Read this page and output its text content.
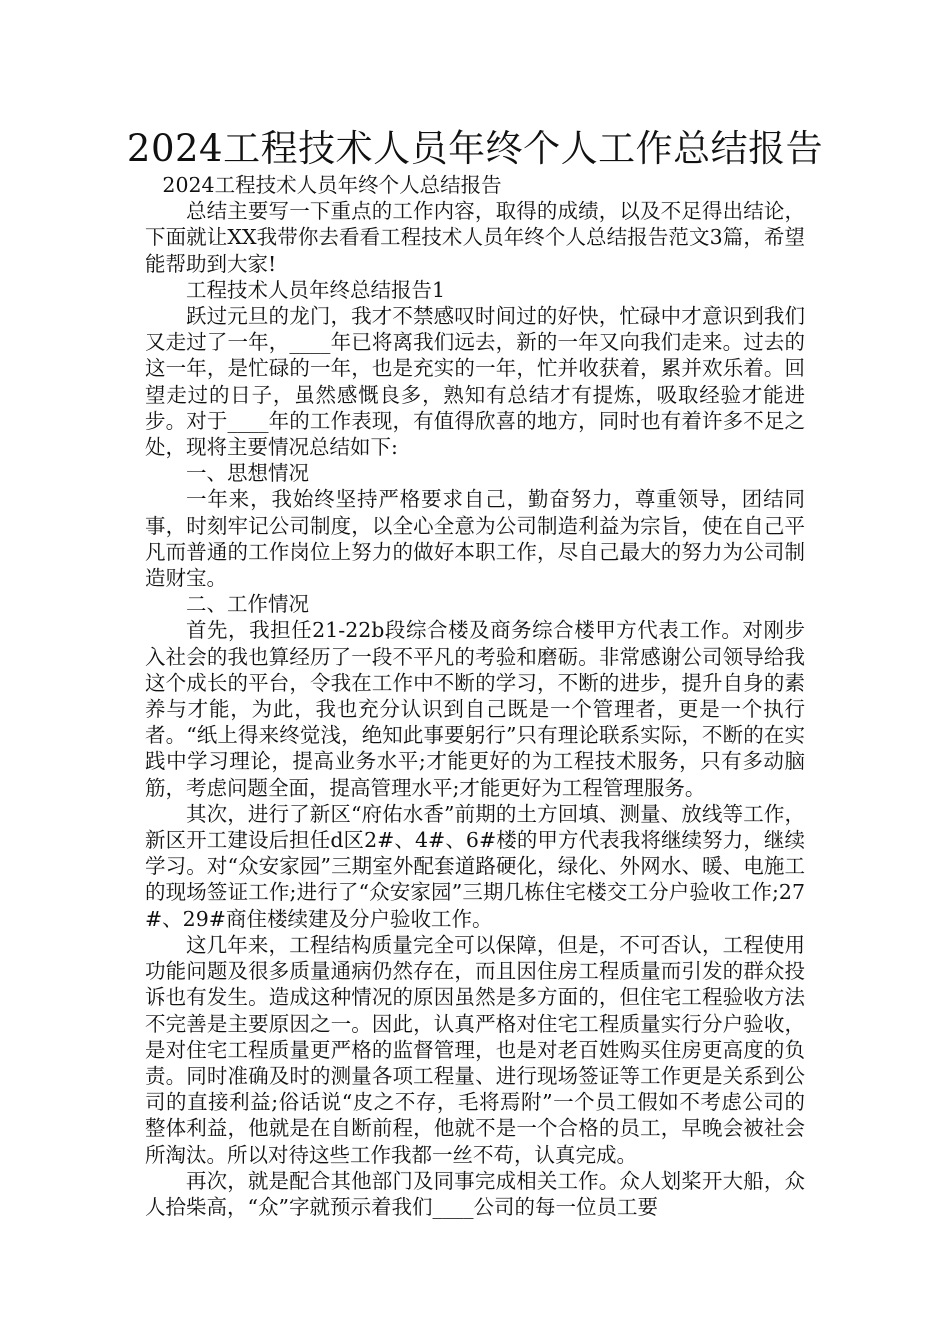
2024工程技术人员年终个人工作总结报告

2024工程技术人员年终个人总结报告

总结主要写一下重点的工作内容，取得的成绩，以及不足得出结论，下面就让XX我带你去看看工程技术人员年终个人总结报告范文3篇，希望能帮助到大家!

工程技术人员年终总结报告1

跃过元旦的龙门，我才不禁感叹时间过的好快，忙碌中才意识到我们又走过了一年，____年已将离我们远去，新的一年又向我们走来。过去的这一年，是忙碌的一年，也是充实的一年，忙并收获着，累并欢乐着。回望走过的日子，虽然感慨良多，熟知有总结才有提炼，吸取经验才能进步。对于____年的工作表现，有值得欣喜的地方，同时也有着许多不足之处，现将主要情况总结如下:

一、思想情况

一年来，我始终坚持严格要求自己，勤奋努力，尊重领导，团结同事，时刻牢记公司制度，以全心全意为公司制造利益为宗旨，使在自己平凡而普通的工作岗位上努力的做好本职工作，尽自己最大的努力为公司制造财宝。

二、工作情况

首先，我担任21-22b段综合楼及商务综合楼甲方代表工作。对刚步入社会的我也算经历了一段不平凡的考验和磨砺。非常感谢公司领导给我这个成长的平台，令我在工作中不断的学习，不断的进步，提升自身的素养与才能，为此，我也充分认识到自己既是一个管理者，更是一个执行者。“纸上得来终觉浅，绝知此事要躬行”只有理论联系实际，不断的在实践中学习理论，提高业务水平;才能更好的为工程技术服务，只有多动脑筋，考虑问题全面，提高管理水平;才能更好为工程管理服务。

其次，进行了新区“府佑水香”前期的土方回填、测量、放线等工作，新区开工建设后担任d区2#、4#、6#楼的甲方代表我将继续努力，继续学习。对“众安家园”三期室外配套道路硬化，绿化、外网水、暖、电施工的现场签证工作;进行了“众安家园”三期几栋住宅楼交工分户验收工作;27#、29#商住楼续建及分户验收工作。

这几年来，工程结构质量完全可以保障，但是，不可否认，工程使用功能问题及很多质量通病仍然存在，而且因住房工程质量而引发的群众投诉也有发生。造成这种情况的原因虽然是多方面的，但住宅工程验收方法不完善是主要原因之一。因此，认真严格对住宅工程质量实行分户验收，是对住宅工程质量更严格的监督管理，也是对老百姓购买住房更高度的负责。同时准确及时的测量各项工程量、进行现场签证等工作更是关系到公司的直接利益;俗话说“皮之不存，毛将焉附”一个员工假如不考虑公司的整体利益，他就是在自断前程，他就不是一个合格的员工，早晚会被社会所淘汰。所以对待这些工作我都一丝不苟，认真完成。

再次，就是配合其他部门及同事完成相关工作。众人划桨开大船，众人拾柴高，“众”字就预示着我们____公司的每一位员工要
